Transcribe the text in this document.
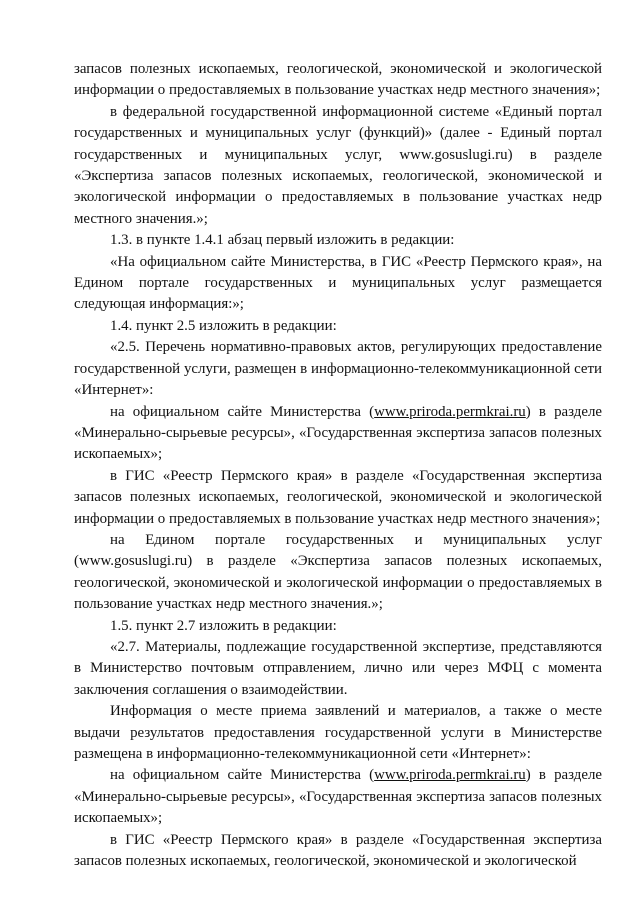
запасов полезных ископаемых, геологической, экономической и экологической информации о предоставляемых в пользование участках недр местного значения»;

в федеральной государственной информационной системе «Единый портал государственных и муниципальных услуг (функций)» (далее - Единый портал государственных и муниципальных услуг, www.gosuslugi.ru) в разделе «Экспертиза запасов полезных ископаемых, геологической, экономической и экологической информации о предоставляемых в пользование участках недр местного значения.»;

1.3. в пункте 1.4.1 абзац первый изложить в редакции:

«На официальном сайте Министерства, в ГИС «Реестр Пермского края», на Едином портале государственных и муниципальных услуг размещается следующая информация:»;

1.4. пункт 2.5 изложить в редакции:

«2.5. Перечень нормативно-правовых актов, регулирующих предоставление государственной услуги, размещен в информационно-телекоммуникационной сети «Интернет»:

на официальном сайте Министерства (www.priroda.permkrai.ru) в разделе «Минерально-сырьевые ресурсы», «Государственная экспертиза запасов полезных ископаемых»;

в ГИС «Реестр Пермского края» в разделе «Государственная экспертиза запасов полезных ископаемых, геологической, экономической и экологической информации о предоставляемых в пользование участках недр местного значения»;

на Едином портале государственных и муниципальных услуг (www.gosuslugi.ru) в разделе «Экспертиза запасов полезных ископаемых, геологической, экономической и экологической информации о предоставляемых в пользование участках недр местного значения.»;

1.5. пункт 2.7 изложить в редакции:

«2.7. Материалы, подлежащие государственной экспертизе, представляются в Министерство почтовым отправлением, лично или через МФЦ с момента заключения соглашения о взаимодействии.

Информация о месте приема заявлений и материалов, а также о месте выдачи результатов предоставления государственной услуги в Министерстве размещена в информационно-телекоммуникационной сети «Интернет»:

на официальном сайте Министерства (www.priroda.permkrai.ru) в разделе «Минерально-сырьевые ресурсы», «Государственная экспертиза запасов полезных ископаемых»;

в ГИС «Реестр Пермского края» в разделе «Государственная экспертиза запасов полезных ископаемых, геологической, экономической и экологической
